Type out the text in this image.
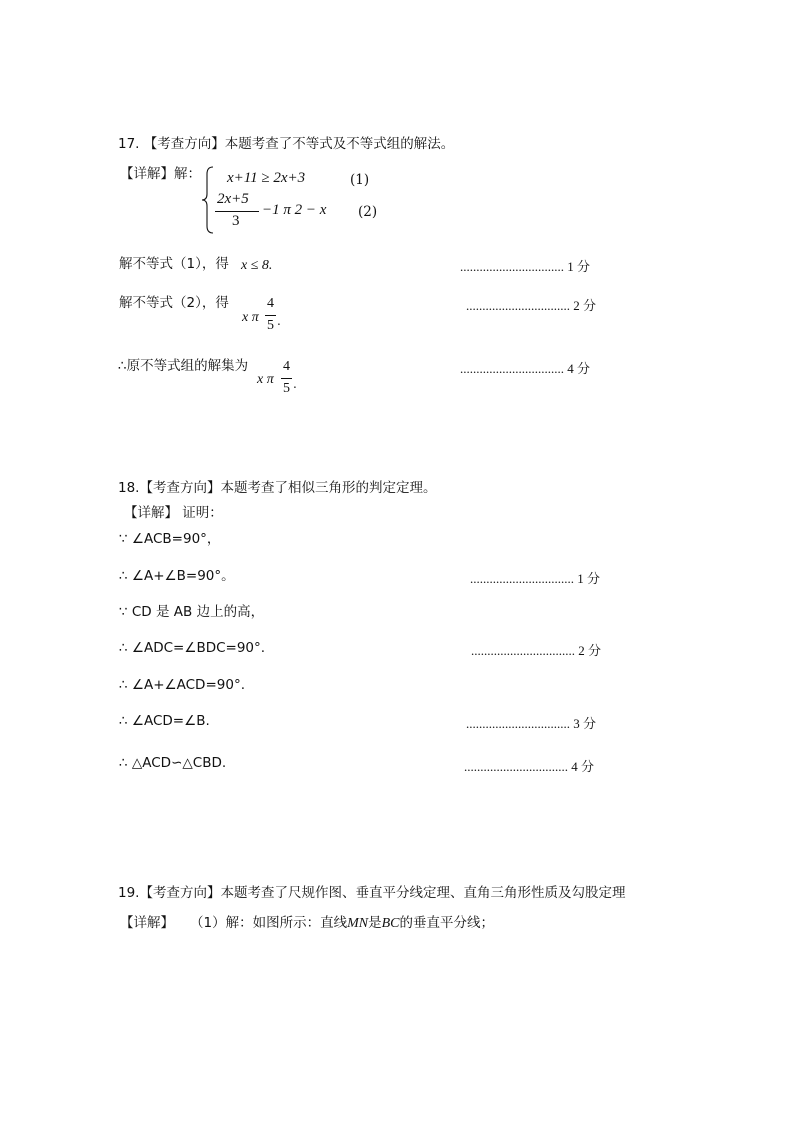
17. 【考查方向】本题考查了不等式及不等式组的解法。
【详解】解： x+11 ≥ 2x+3	(1)
2x+5
3
−1 π 2 − x (2)
解不等式（1），得 x ≤ 8.	................................ 1 分
解不等式（2），得
x π
4
5 .
................................ 2 分
∴原不等式组的解集为
x π
4
5 .
................................ 4 分
18.【考查方向】本题考查了相似三角形的判定定理。
【详解】 证明：
∵ ∠ACB=90°，
∴ ∠A+∠B=90°。	................................ 1 分
∵ CD 是 AB 边上的高，
∴ ∠ADC=∠BDC=90°.	................................ 2 分
∴ ∠A+∠ACD=90°.
∴ ∠ACD=∠B.	................................ 3 分
∴ △ACD∽△CBD.	................................ 4 分
19.【考查方向】本题考查了尺规作图、垂直平分线定理、直角三角形性质及勾股定理
【详解】 （1）解：如图所示：直线MN是BC的垂直平分线；
